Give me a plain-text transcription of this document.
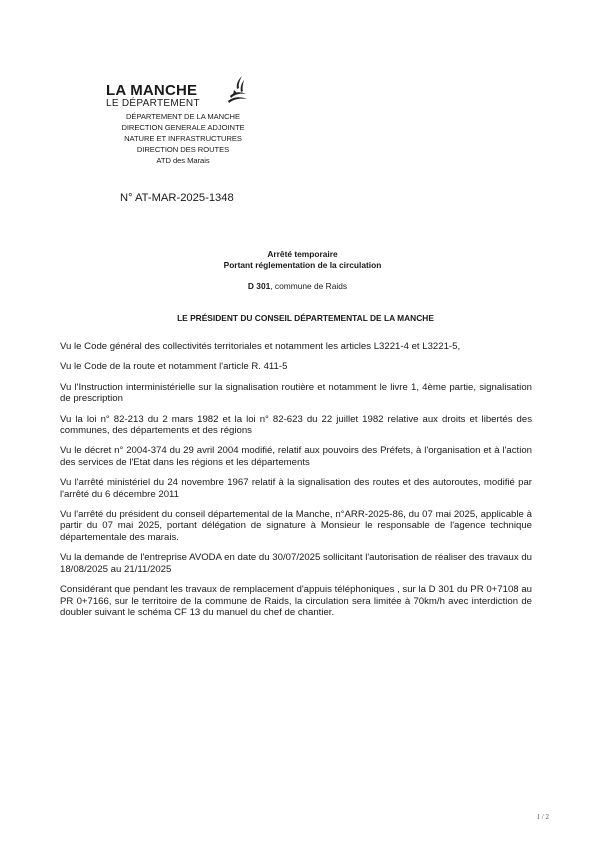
LA MANCHE
LE DÉPARTEMENT
DÉPARTEMENT DE LA MANCHE
DIRECTION GENERALE ADJOINTE
NATURE ET INFRASTRUCTURES
DIRECTION DES ROUTES
ATD des Marais
N° AT-MAR-2025-1348
Arrêté temporaire
Portant réglementation de la circulation
D 301, commune de Raids
LE PRÉSIDENT DU CONSEIL DÉPARTEMENTAL DE LA MANCHE

Vu le Code général des collectivités territoriales et notamment les articles L3221-4 et L3221-5,

Vu le Code de la route et notamment l'article R. 411-5

Vu l'Instruction interministérielle sur la signalisation routière et notamment le livre 1, 4ème partie, signalisation de prescription

Vu la loi n° 82-213 du 2 mars 1982 et la loi n° 82-623 du 22 juillet 1982 relative aux droits et libertés des communes, des départements et des régions

Vu le décret n° 2004-374 du 29 avril 2004 modifié, relatif aux pouvoirs des Préfets, à l'organisation et à l'action des services de l'Etat dans les régions et les départements

Vu l'arrêté ministériel du 24 novembre 1967 relatif à la signalisation des routes et des autoroutes, modifié par l'arrêté du 6 décembre 2011

Vu l'arrêté du président du conseil départemental de la Manche, n°ARR-2025-86, du 07 mai 2025, applicable à partir du 07 mai 2025, portant délégation de signature à Monsieur le responsable de l'agence technique départementale des marais.

Vu la demande de l'entreprise AVODA en date du 30/07/2025 sollicitant l'autorisation de réaliser des travaux du 18/08/2025 au 21/11/2025

Considérant que pendant les travaux de remplacement d'appuis téléphoniques , sur la D 301 du PR 0+7108 au PR 0+7166, sur le territoire de la commune de Raids, la circulation sera limitée à 70km/h avec interdiction de doubler suivant le schéma CF 13 du manuel du chef de chantier.

1 / 2
